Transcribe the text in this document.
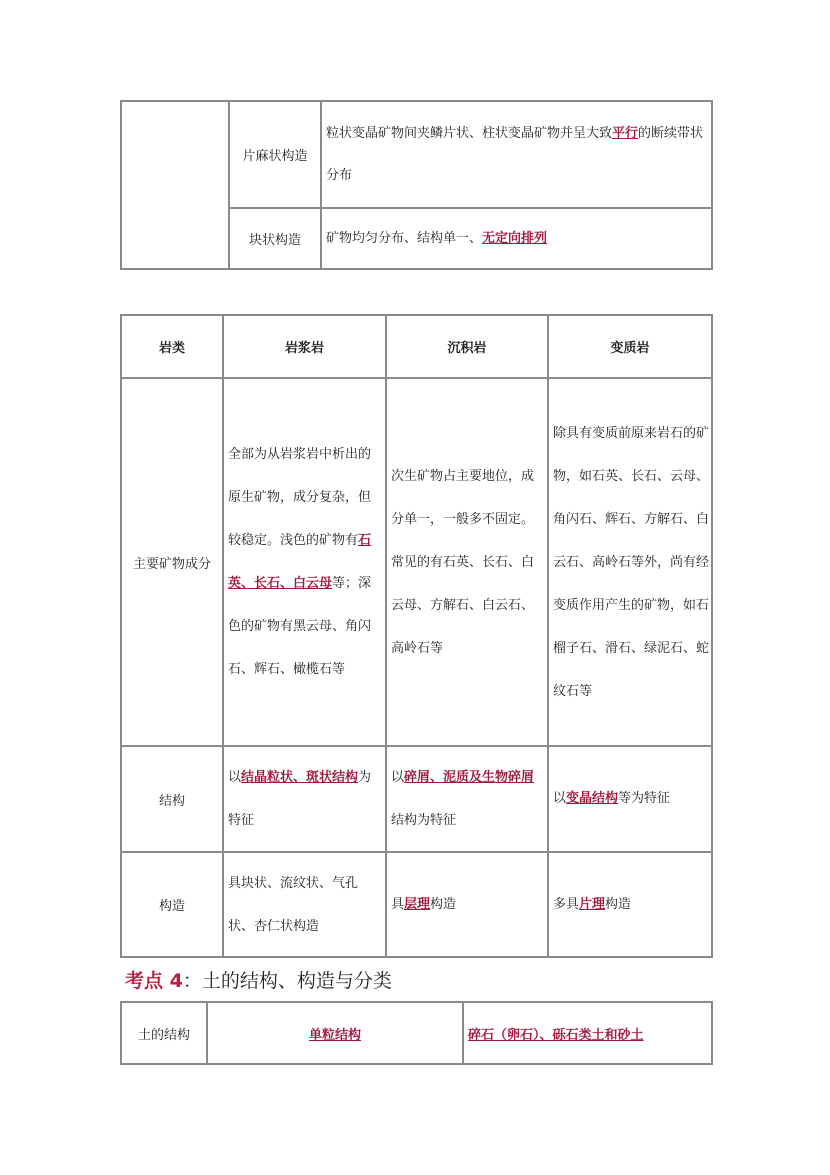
	片麻状构造	粒状变晶矿物间夹鳞片状、柱状变晶矿物并呈大致平行的断续带状分布
	块状构造	矿物均匀分布、结构单一、无定向排列
岩类	岩浆岩	沉积岩	变质岩
主要矿物成分	全部为从岩浆岩中析出的原生矿物，成分复杂，但较稳定。浅色的矿物有石英、长石、白云母等；深色的矿物有黑云母、角闪石、辉石、橄榄石等	次生矿物占主要地位，成分单一，一般多不固定。常见的有石英、长石、白云母、方解石、白云石、高岭石等	除具有变质前原来岩石的矿物，如石英、长石、云母、角闪石、辉石、方解石、白云石、高岭石等外，尚有经变质作用产生的矿物，如石榴子石、滑石、绿泥石、蛇纹石等
结构	以结晶粒状、斑状结构为特征	以碎屑、泥质及生物碎屑结构为特征	以变晶结构等为特征
构造	具块状、流纹状、气孔状、杏仁状构造	具层理构造	多具片理构造
考点 4：土的结构、构造与分类
土的结构	单粒结构	碎石（卵石）、砾石类土和砂土
